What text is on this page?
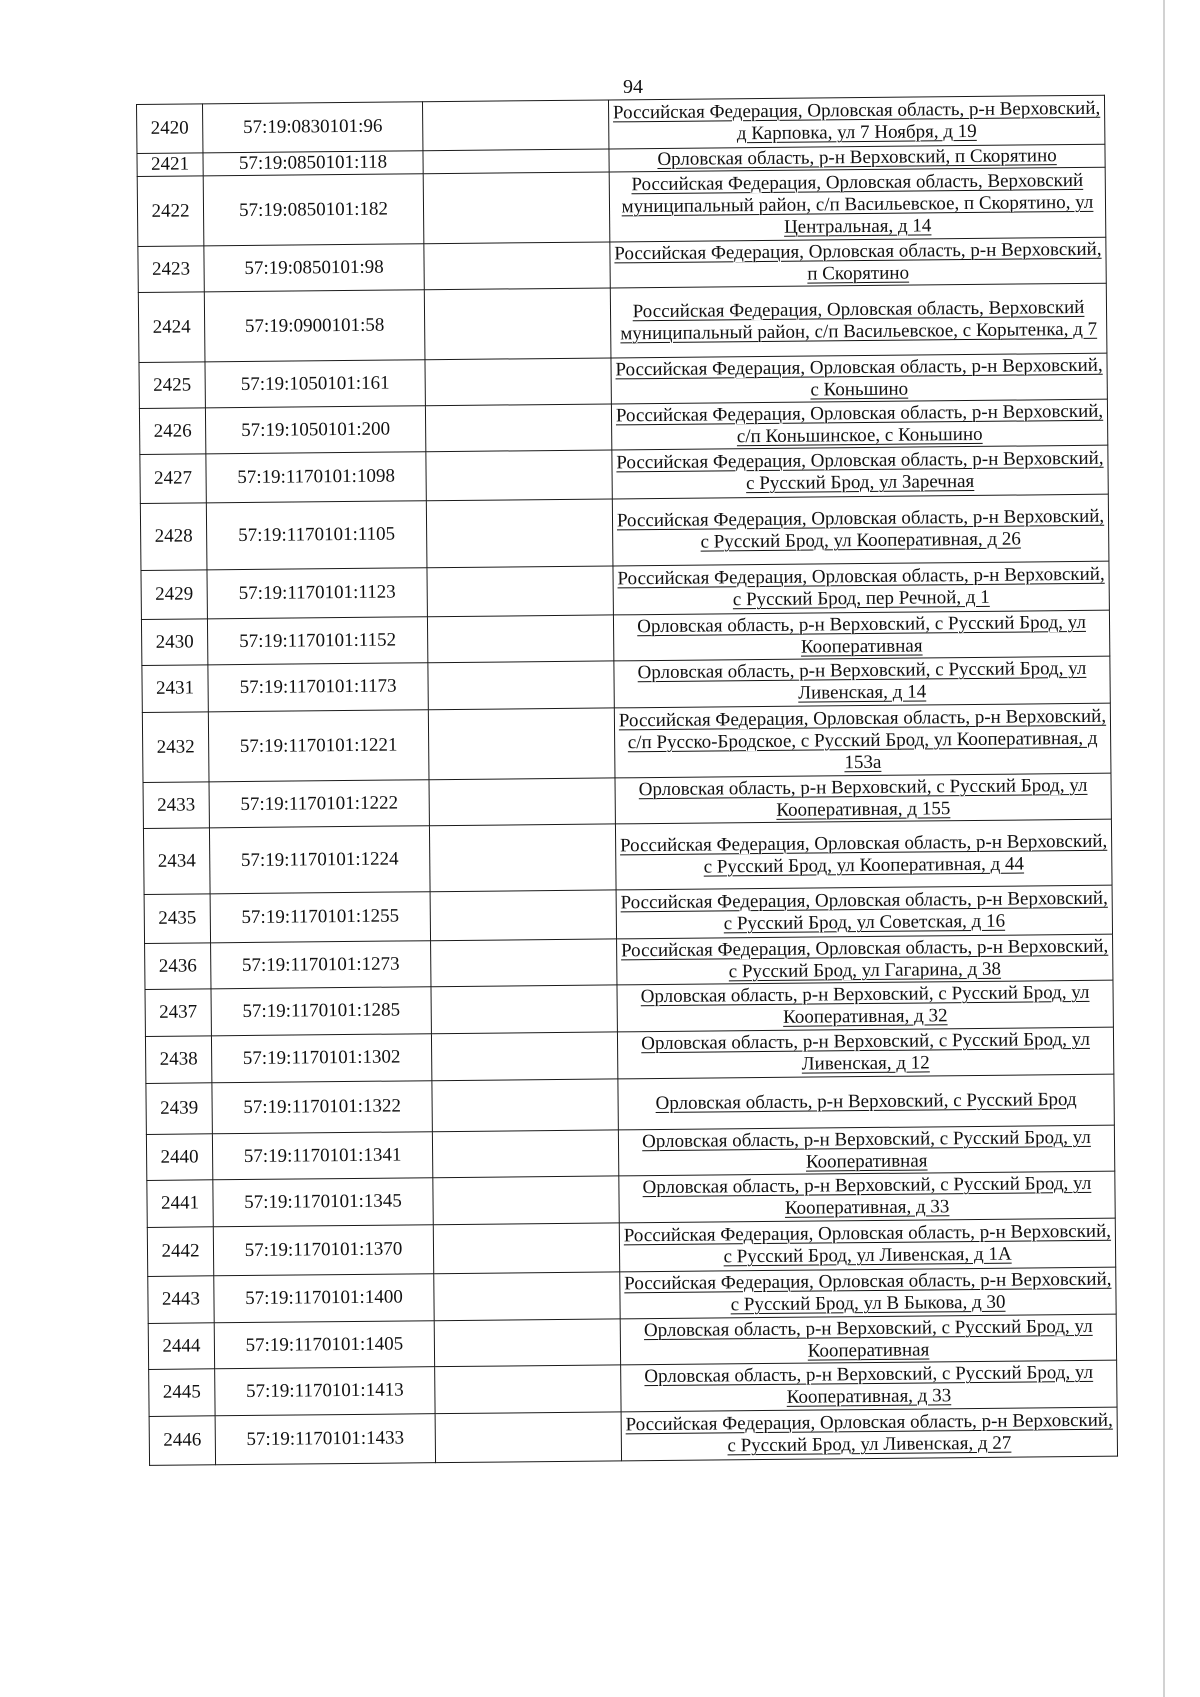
94
2420	57:19:0830101:96		Российская Федерация, Орловская область, р-н Верховский, д Карповка, ул 7 Ноября, д 19
2421	57:19:0850101:118		Орловская область, р-н Верховский, п Скорятино
2422	57:19:0850101:182		Российская Федерация, Орловская область, Верховский муниципальный район, с/п Васильевское, п Скорятино, ул Центральная, д 14
2423	57:19:0850101:98		Российская Федерация, Орловская область, р-н Верховский, п Скорятино
2424	57:19:0900101:58		Российская Федерация, Орловская область, Верховский муниципальный район, с/п Васильевское, с Корытенка, д 7
2425	57:19:1050101:161		Российская Федерация, Орловская область, р-н Верховский, с Коньшино
2426	57:19:1050101:200		Российская Федерация, Орловская область, р-н Верховский, с/п Коньшинское, с Коньшино
2427	57:19:1170101:1098		Российская Федерация, Орловская область, р-н Верховский, с Русский Брод, ул Заречная
2428	57:19:1170101:1105		Российская Федерация, Орловская область, р-н Верховский, с Русский Брод, ул Кооперативная, д 26
2429	57:19:1170101:1123		Российская Федерация, Орловская область, р-н Верховский, с Русский Брод, пер Речной, д 1
2430	57:19:1170101:1152		Орловская область, р-н Верховский, с Русский Брод, ул Кооперативная
2431	57:19:1170101:1173		Орловская область, р-н Верховский, с Русский Брод, ул Ливенская, д 14
2432	57:19:1170101:1221		Российская Федерация, Орловская область, р-н Верховский, с/п Русско-Бродское, с Русский Брод, ул Кооперативная, д 153а
2433	57:19:1170101:1222		Орловская область, р-н Верховский, с Русский Брод, ул Кооперативная, д 155
2434	57:19:1170101:1224		Российская Федерация, Орловская область, р-н Верховский, с Русский Брод, ул Кооперативная, д 44
2435	57:19:1170101:1255		Российская Федерация, Орловская область, р-н Верховский, с Русский Брод, ул Советская, д 16
2436	57:19:1170101:1273		Российская Федерация, Орловская область, р-н Верховский, с Русский Брод, ул Гагарина, д 38
2437	57:19:1170101:1285		Орловская область, р-н Верховский, с Русский Брод, ул Кооперативная, д 32
2438	57:19:1170101:1302		Орловская область, р-н Верховский, с Русский Брод, ул Ливенская, д 12
2439	57:19:1170101:1322		Орловская область, р-н Верховский, с Русский Брод
2440	57:19:1170101:1341		Орловская область, р-н Верховский, с Русский Брод, ул Кооперативная
2441	57:19:1170101:1345		Орловская область, р-н Верховский, с Русский Брод, ул Кооперативная, д 33
2442	57:19:1170101:1370		Российская Федерация, Орловская область, р-н Верховский, с Русский Брод, ул Ливенская, д 1А
2443	57:19:1170101:1400		Российская Федерация, Орловская область, р-н Верховский, с Русский Брод, ул В Быкова, д 30
2444	57:19:1170101:1405		Орловская область, р-н Верховский, с Русский Брод, ул Кооперативная
2445	57:19:1170101:1413		Орловская область, р-н Верховский, с Русский Брод, ул Кооперативная, д 33
2446	57:19:1170101:1433		Российская Федерация, Орловская область, р-н Верховский, с Русский Брод, ул Ливенская, д 27
